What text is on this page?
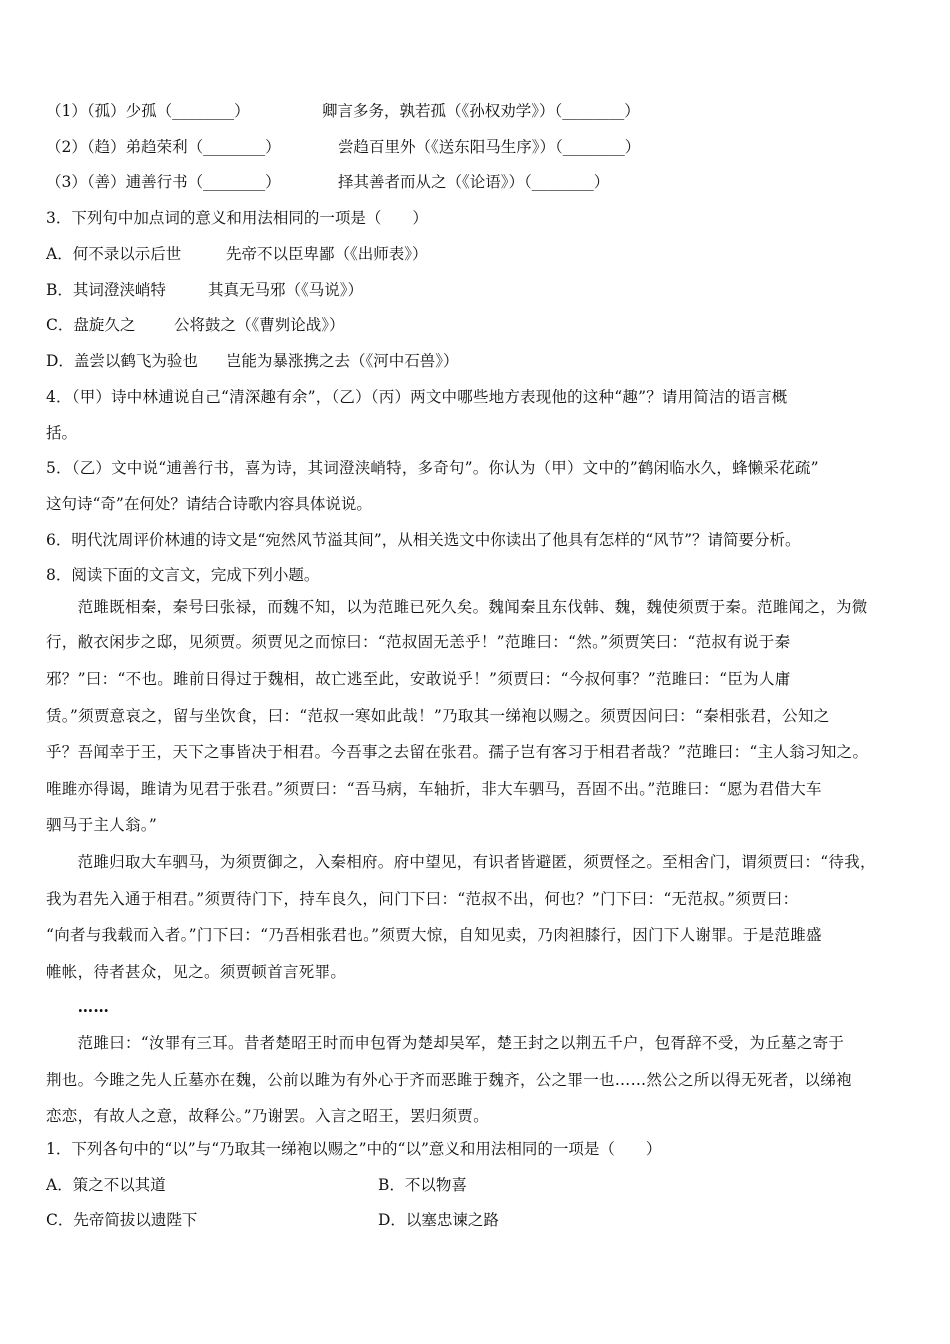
（1）（孤）少孤（________）	卿言多务，孰若孤（《孙权劝学》）（________）
（2）（趋）弟趋荣利（________）	尝趋百里外（《送东阳马生序》）（________）
（3）（善）逋善行书（________）	择其善者而从之（《论语》）（________）
3．下列句中加点词的意义和用法相同的一项是（　　）
A．何不录以示后世	先帝不以臣卑鄙（《出师表》）
B．其词澄浃峭特	其真无马邪（《马说》）
C．盘旋久之 公将鼓之（《曹刿论战》）
D．盖尝以鹤飞为验也 岂能为暴涨携之去（《河中石兽》）
4．（甲）诗中林逋说自己“清深趣有余”，（乙）（丙）两文中哪些地方表现他的这种“趣”？请用简洁的语言概
括。
5．（乙）文中说“逋善行书，喜为诗，其词澄浃峭特，多奇句”。你认为（甲）文中的”鹤闲临水久，蜂懒采花疏”
这句诗“奇”在何处？请结合诗歌内容具体说说。
6．明代沈周评价林逋的诗文是“宛然风节溢其间”，从相关选文中你读出了他具有怎样的“风节”？请简要分析。
8．阅读下面的文言文，完成下列小题。
　　范雎既相秦，秦号曰张禄，而魏不知，以为范雎已死久矣。魏闻秦且东伐韩、魏，魏使须贾于秦。范雎闻之，为微
行，敝衣闲步之邸，见须贾。须贾见之而惊曰：“范叔固无恙乎！”范雎曰：“然。”须贾笑曰：“范叔有说于秦
邪？”曰：“不也。雎前日得过于魏相，故亡逃至此，安敢说乎！”须贾曰：“今叔何事？”范雎曰：“臣为人庸
赁。”须贾意哀之，留与坐饮食，曰：“范叔一寒如此哉！”乃取其一绨袍以赐之。须贾因问曰：“秦相张君，公知之
乎？吾闻幸于王，天下之事皆决于相君。今吾事之去留在张君。孺子岂有客习于相君者哉？”范雎曰：“主人翁习知之。
唯雎亦得谒，雎请为见君于张君。”须贾曰：“吾马病，车轴折，非大车驷马，吾固不出。”范雎曰：“愿为君借大车
驷马于主人翁。”
　　范雎归取大车驷马，为须贾御之，入秦相府。府中望见，有识者皆避匿，须贾怪之。至相舍门，谓须贾曰：“待我，
我为君先入通于相君。”须贾待门下，持车良久，问门下曰：“范叔不出，何也？”门下曰：“无范叔。”须贾曰：
“向者与我载而入者。”门下曰：“乃吾相张君也。”须贾大惊，自知见卖，乃肉袒膝行，因门下人谢罪。于是范雎盛
帷帐，待者甚众，见之。须贾顿首言死罪。
　　……
　　范雎曰：“汝罪有三耳。昔者楚昭王时而申包胥为楚却吴军，楚王封之以荆五千户，包胥辞不受，为丘墓之寄于
荆也。今雎之先人丘墓亦在魏，公前以雎为有外心于齐而恶雎于魏齐，公之罪一也……然公之所以得无死者，以绨袍
恋恋，有故人之意，故释公。”乃谢罢。入言之昭王，罢归须贾。
1．下列各句中的“以”与“乃取其一绨袍以赐之”中的“以”意义和用法相同的一项是（　　）
A．策之不以其道	B．不以物喜
C．先帝简拔以遗陛下	D．以塞忠谏之路
